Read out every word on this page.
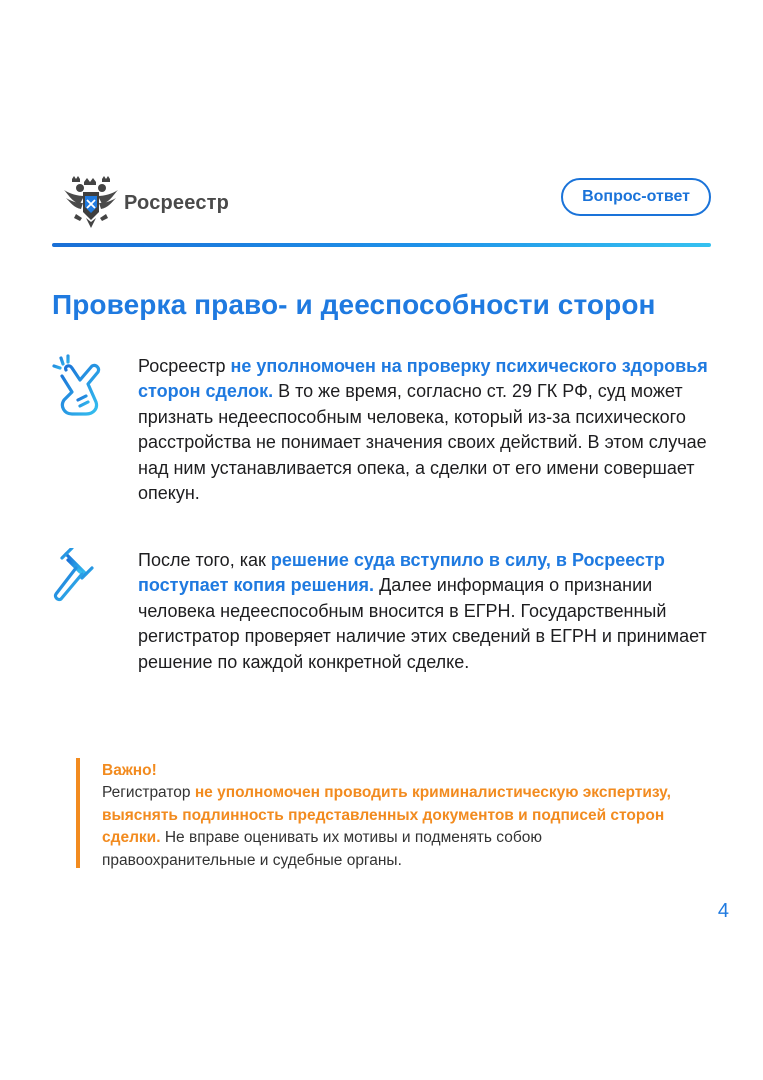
Росреестр	Вопрос-ответ
Проверка право- и дееспособности сторон
Росреестр не уполномочен на проверку психического здоровья сторон сделок. В то же время, согласно ст. 29 ГК РФ, суд может признать недееспособным человека, который из-за психического расстройства не понимает значения своих действий. В этом случае над ним устанавливается опека, а сделки от его имени совершает опекун.
После того, как решение суда вступило в силу, в Росреестр поступает копия решения. Далее информация о признании человека недееспособным вносится в ЕГРН. Государственный регистратор проверяет наличие этих сведений в ЕГРН и принимает решение по каждой конкретной сделке.
Важно!
Регистратор не уполномочен проводить криминалистическую экспертизу, выяснять подлинность представленных документов и подписей сторон сделки. Не вправе оценивать их мотивы и подменять собою правоохранительные и судебные органы.
4
